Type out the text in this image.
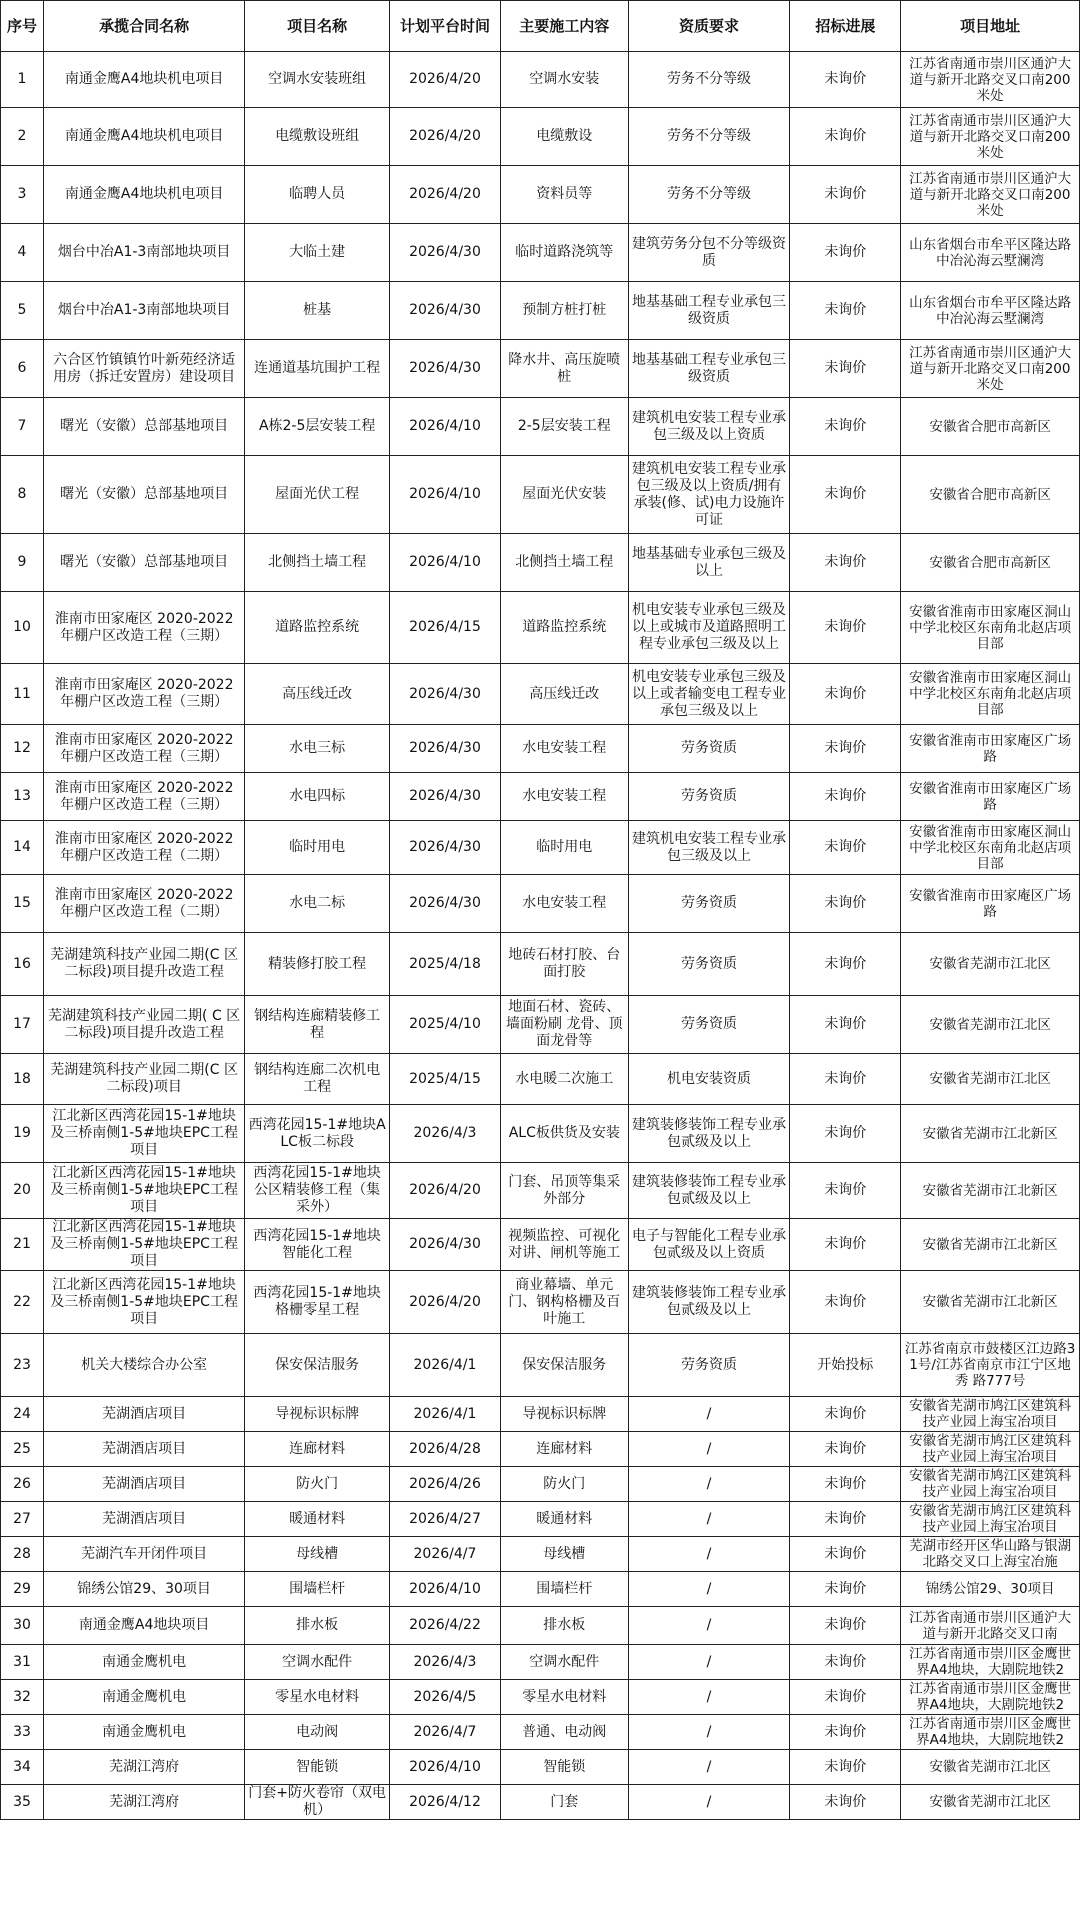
序号	承揽合同名称	项目名称	计划平台时间	主要施工内容	资质要求	招标进展	项目地址
1	南通金鹰A4地块机电项目	空调水安装班组	2026/4/20	空调水安装	劳务不分等级	未询价	江苏省南通市崇川区通沪大道与新开北路交叉口南200米处
2	南通金鹰A4地块机电项目	电缆敷设班组	2026/4/20	电缆敷设	劳务不分等级	未询价	江苏省南通市崇川区通沪大道与新开北路交叉口南200米处
3	南通金鹰A4地块机电项目	临聘人员	2026/4/20	资料员等	劳务不分等级	未询价	江苏省南通市崇川区通沪大道与新开北路交叉口南200米处
4	烟台中冶A1-3南部地块项目	大临土建	2026/4/30	临时道路浇筑等	建筑劳务分包不分等级资质	未询价	山东省烟台市牟平区隆达路中冶沁海云墅澜湾
5	烟台中冶A1-3南部地块项目	桩基	2026/4/30	预制方桩打桩	地基基础工程专业承包三级资质	未询价	山东省烟台市牟平区隆达路中冶沁海云墅澜湾
6	六合区竹镇镇竹叶新苑经济适用房（拆迁安置房）建设项目	连通道基坑围护工程	2026/4/30	降水井、高压旋喷桩	地基基础工程专业承包三级资质	未询价	江苏省南通市崇川区通沪大道与新开北路交叉口南200米处
7	曙光（安徽）总部基地项目	A栋2-5层安装工程	2026/4/10	2-5层安装工程	建筑机电安装工程专业承包三级及以上资质	未询价	安徽省合肥市高新区
8	曙光（安徽）总部基地项目	屋面光伏工程	2026/4/10	屋面光伏安装	建筑机电安装工程专业承包三级及以上资质/拥有承装(修、试)电力设施许可证	未询价	安徽省合肥市高新区
9	曙光（安徽）总部基地项目	北侧挡土墙工程	2026/4/10	北侧挡土墙工程	地基基础专业承包三级及以上	未询价	安徽省合肥市高新区
10	淮南市田家庵区 2020-2022 年棚户区改造工程（三期）	道路监控系统	2026/4/15	道路监控系统	机电安装专业承包三级及以上或城市及道路照明工程专业承包三级及以上	未询价	安徽省淮南市田家庵区洞山中学北校区东南角北赵店项目部
11	淮南市田家庵区 2020-2022 年棚户区改造工程（三期）	高压线迁改	2026/4/30	高压线迁改	机电安装专业承包三级及以上或者输变电工程专业承包三级及以上	未询价	安徽省淮南市田家庵区洞山中学北校区东南角北赵店项目部
12	淮南市田家庵区 2020-2022 年棚户区改造工程（三期）	水电三标	2026/4/30	水电安装工程	劳务资质	未询价	安徽省淮南市田家庵区广场路
13	淮南市田家庵区 2020-2022 年棚户区改造工程（三期）	水电四标	2026/4/30	水电安装工程	劳务资质	未询价	安徽省淮南市田家庵区广场路
14	淮南市田家庵区 2020-2022 年棚户区改造工程（二期）	临时用电	2026/4/30	临时用电	建筑机电安装工程专业承包三级及以上	未询价	安徽省淮南市田家庵区洞山中学北校区东南角北赵店项目部
15	淮南市田家庵区 2020-2022 年棚户区改造工程（二期）	水电二标	2026/4/30	水电安装工程	劳务资质	未询价	安徽省淮南市田家庵区广场路
16	芜湖建筑科技产业园二期(C 区二标段)项目提升改造工程	精装修打胶工程	2025/4/18	地砖石材打胶、台面打胶	劳务资质	未询价	安徽省芜湖市江北区
17	芜湖建筑科技产业园二期( C 区二标段)项目提升改造工程	钢结构连廊精装修工程	2025/4/10	地面石材、瓷砖、墙面粉刷 龙骨、顶面龙骨等	劳务资质	未询价	安徽省芜湖市江北区
18	芜湖建筑科技产业园二期(C 区二标段)项目	钢结构连廊二次机电工程	2025/4/15	水电暖二次施工	机电安装资质	未询价	安徽省芜湖市江北区
19	江北新区西湾花园15-1#地块及三桥南侧1-5#地块EPC工程项目	西湾花园15-1#地块ALC板二标段	2026/4/3	ALC板供货及安装	建筑装修装饰工程专业承包贰级及以上	未询价	安徽省芜湖市江北新区
20	江北新区西湾花园15-1#地块及三桥南侧1-5#地块EPC工程项目	西湾花园15-1#地块公区精装修工程（集采外）	2026/4/20	门套、吊顶等集采外部分	建筑装修装饰工程专业承包贰级及以上	未询价	安徽省芜湖市江北新区
21	江北新区西湾花园15-1#地块及三桥南侧1-5#地块EPC工程项目	西湾花园15-1#地块智能化工程	2026/4/30	视频监控、可视化对讲、闸机等施工	电子与智能化工程专业承包贰级及以上资质	未询价	安徽省芜湖市江北新区
22	江北新区西湾花园15-1#地块及三桥南侧1-5#地块EPC工程项目	西湾花园15-1#地块格栅零星工程	2026/4/20	商业幕墙、单元门、钢构格栅及百叶施工	建筑装修装饰工程专业承包贰级及以上	未询价	安徽省芜湖市江北新区
23	机关大楼综合办公室	保安保洁服务	2026/4/1	保安保洁服务	劳务资质	开始投标	江苏省南京市鼓楼区江边路31号/江苏省南京市江宁区地秀 路777号
24	芜湖酒店项目	导视标识标牌	2026/4/1	导视标识标牌	/	未询价	安徽省芜湖市鸠江区建筑科技产业园上海宝冶项目
25	芜湖酒店项目	连廊材料	2026/4/28	连廊材料	/	未询价	安徽省芜湖市鸠江区建筑科技产业园上海宝冶项目
26	芜湖酒店项目	防火门	2026/4/26	防火门	/	未询价	安徽省芜湖市鸠江区建筑科技产业园上海宝冶项目
27	芜湖酒店项目	暖通材料	2026/4/27	暖通材料	/	未询价	安徽省芜湖市鸠江区建筑科技产业园上海宝冶项目
28	芜湖汽车开闭件项目	母线槽	2026/4/7	母线槽	/	未询价	芜湖市经开区华山路与银湖北路交叉口上海宝冶施
29	锦绣公馆29、30项目	围墙栏杆	2026/4/10	围墙栏杆	/	未询价	锦绣公馆29、30项目
30	南通金鹰A4地块项目	排水板	2026/4/22	排水板	/	未询价	江苏省南通市崇川区通沪大道与新开北路交叉口南
31	南通金鹰机电	空调水配件	2026/4/3	空调水配件	/	未询价	江苏省南通市崇川区金鹰世界A4地块，大剧院地铁2
32	南通金鹰机电	零星水电材料	2026/4/5	零星水电材料	/	未询价	江苏省南通市崇川区金鹰世界A4地块，大剧院地铁2
33	南通金鹰机电	电动阀	2026/4/7	普通、电动阀	/	未询价	江苏省南通市崇川区金鹰世界A4地块，大剧院地铁2
34	芜湖江湾府	智能锁	2026/4/10	智能锁	/	未询价	安徽省芜湖市江北区
35	芜湖江湾府	门套+防火卷帘（双电机）	2026/4/12	门套	/	未询价	安徽省芜湖市江北区
